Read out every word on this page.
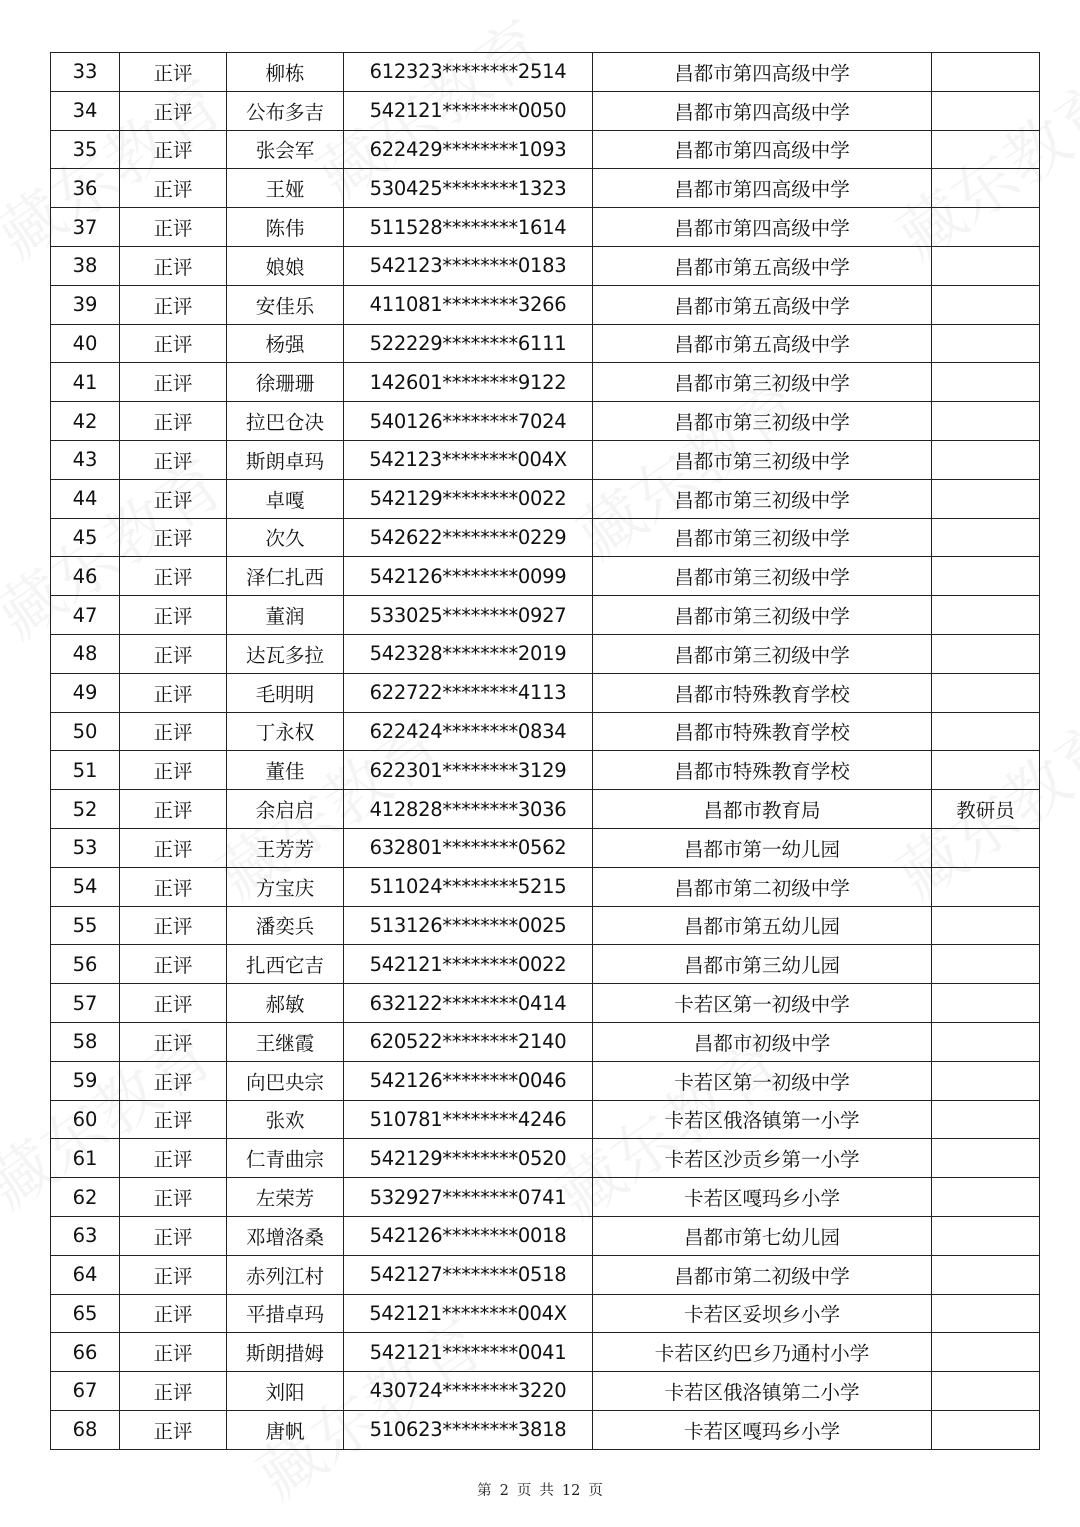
33	正评	柳栋	612323********2514	昌都市第四高级中学	
34	正评	公布多吉	542121********0050	昌都市第四高级中学	
35	正评	张会军	622429********1093	昌都市第四高级中学	
36	正评	王娅	530425********1323	昌都市第四高级中学	
37	正评	陈伟	511528********1614	昌都市第四高级中学	
38	正评	娘娘	542123********0183	昌都市第五高级中学	
39	正评	安佳乐	411081********3266	昌都市第五高级中学	
40	正评	杨强	522229********6111	昌都市第五高级中学	
41	正评	徐珊珊	142601********9122	昌都市第三初级中学	
42	正评	拉巴仓决	540126********7024	昌都市第三初级中学	
43	正评	斯朗卓玛	542123********004X	昌都市第三初级中学	
44	正评	卓嘎	542129********0022	昌都市第三初级中学	
45	正评	次久	542622********0229	昌都市第三初级中学	
46	正评	泽仁扎西	542126********0099	昌都市第三初级中学	
47	正评	董润	533025********0927	昌都市第三初级中学	
48	正评	达瓦多拉	542328********2019	昌都市第三初级中学	
49	正评	毛明明	622722********4113	昌都市特殊教育学校	
50	正评	丁永权	622424********0834	昌都市特殊教育学校	
51	正评	董佳	622301********3129	昌都市特殊教育学校	
52	正评	余启启	412828********3036	昌都市教育局	教研员
53	正评	王芳芳	632801********0562	昌都市第一幼儿园	
54	正评	方宝庆	511024********5215	昌都市第二初级中学	
55	正评	潘奕兵	513126********0025	昌都市第五幼儿园	
56	正评	扎西它吉	542121********0022	昌都市第三幼儿园	
57	正评	郝敏	632122********0414	卡若区第一初级中学	
58	正评	王继霞	620522********2140	昌都市初级中学	
59	正评	向巴央宗	542126********0046	卡若区第一初级中学	
60	正评	张欢	510781********4246	卡若区俄洛镇第一小学	
61	正评	仁青曲宗	542129********0520	卡若区沙贡乡第一小学	
62	正评	左荣芳	532927********0741	卡若区嘎玛乡小学	
63	正评	邓增洛桑	542126********0018	昌都市第七幼儿园	
64	正评	赤列江村	542127********0518	昌都市第二初级中学	
65	正评	平措卓玛	542121********004X	卡若区妥坝乡小学	
66	正评	斯朗措姆	542121********0041	卡若区约巴乡乃通村小学	
67	正评	刘阳	430724********3220	卡若区俄洛镇第二小学	
68	正评	唐帆	510623********3818	卡若区嘎玛乡小学	
第 2 页 共 12 页
